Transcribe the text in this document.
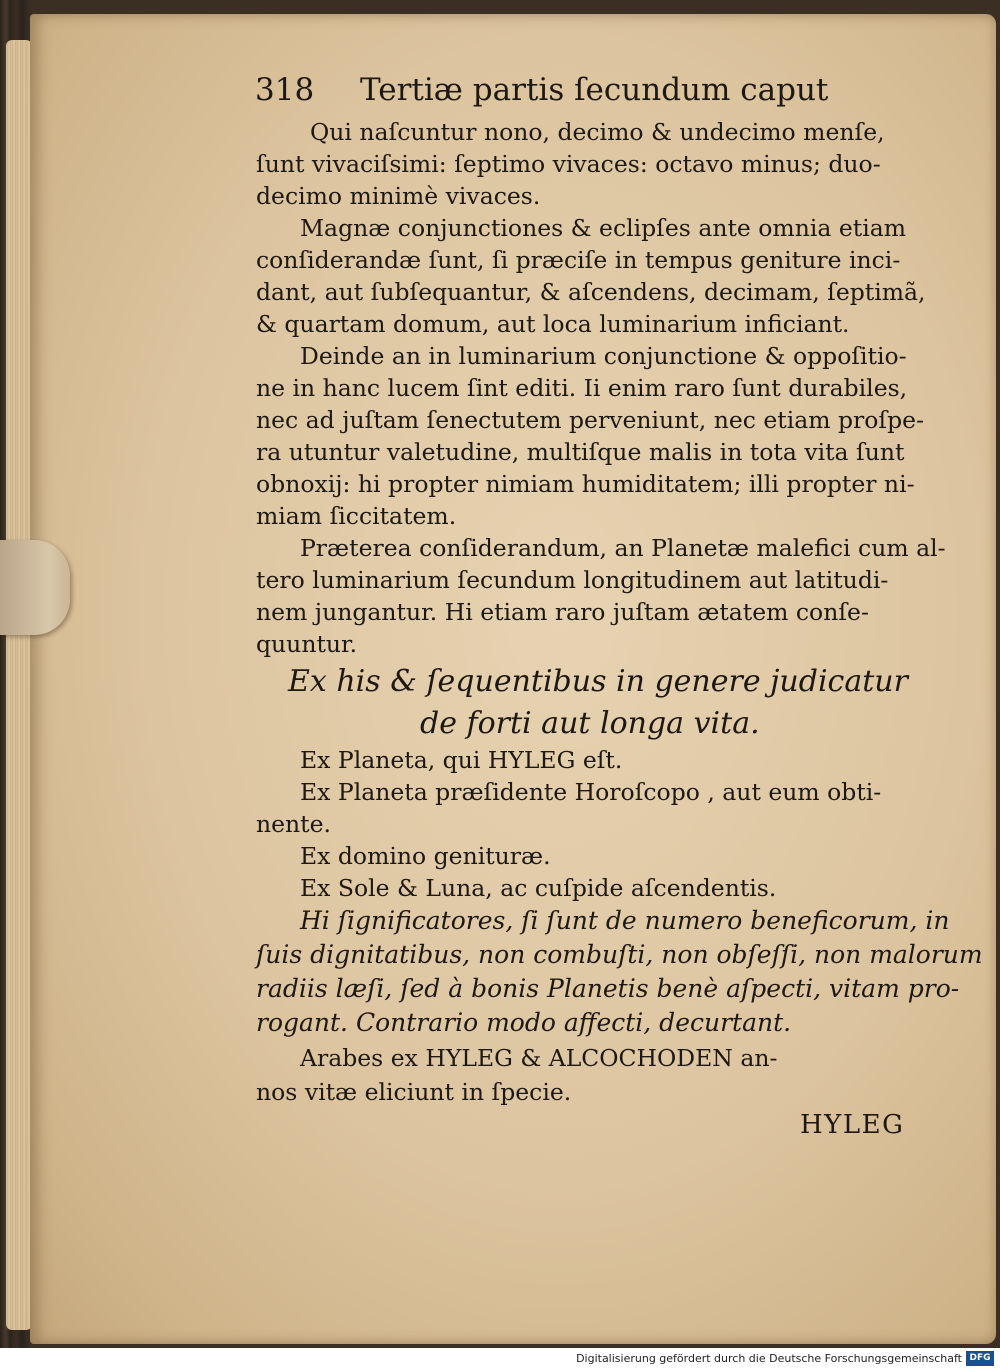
318 Tertiæ partis ſecundum caput
Qui naſcuntur nono, decimo & undecimo menſe,
ſunt vivaciſsimi: ſeptimo vivaces: octavo minus; duo-
decimo minimè vivaces.
Magnæ conjunctiones & eclipſes ante omnia etiam
conſiderandæ ſunt, ſi præciſe in tempus geniture inci-
dant, aut ſubſequantur, & aſcendens, decimam, ſeptimã,
& quartam domum, aut loca luminarium inficiant.
Deinde an in luminarium conjunctione & oppoſitio-
ne in hanc lucem ſint editi. Ii enim raro ſunt durabiles,
nec ad juſtam ſenectutem perveniunt, nec etiam proſpe-
ra utuntur valetudine, multiſque malis in tota vita ſunt
obnoxij: hi propter nimiam humiditatem; illi propter ni-
miam ſiccitatem.
Præterea conſiderandum, an Planetæ malefici cum al-
tero luminarium ſecundum longitudinem aut latitudi-
nem jungantur. Hi etiam raro juſtam ætatem conſe-
quuntur.
Ex his & ſequentibus in genere judicatur
de forti aut longa vita.
Ex Planeta, qui HYLEG eſt.
Ex Planeta præſidente Horoſcopo , aut eum obti-
nente.
Ex domino genituræ.
Ex Sole & Luna, ac cuſpide aſcendentis.
Hi ſignificatores, ſi ſunt de numero beneficorum, in
ſuis dignitatibus, non combuſti, non obſeſſi, non malorum
radiis læſi, ſed à bonis Planetis benè aſpecti, vitam pro-
rogant. Contrario modo affecti, decurtant.
Arabes ex HYLEG & ALCOCHODEN an-
nos vitæ eliciunt in ſpecie.
HYLEG
Digitalisierung gefördert durch die Deutsche Forschungsgemeinschaft DFG
